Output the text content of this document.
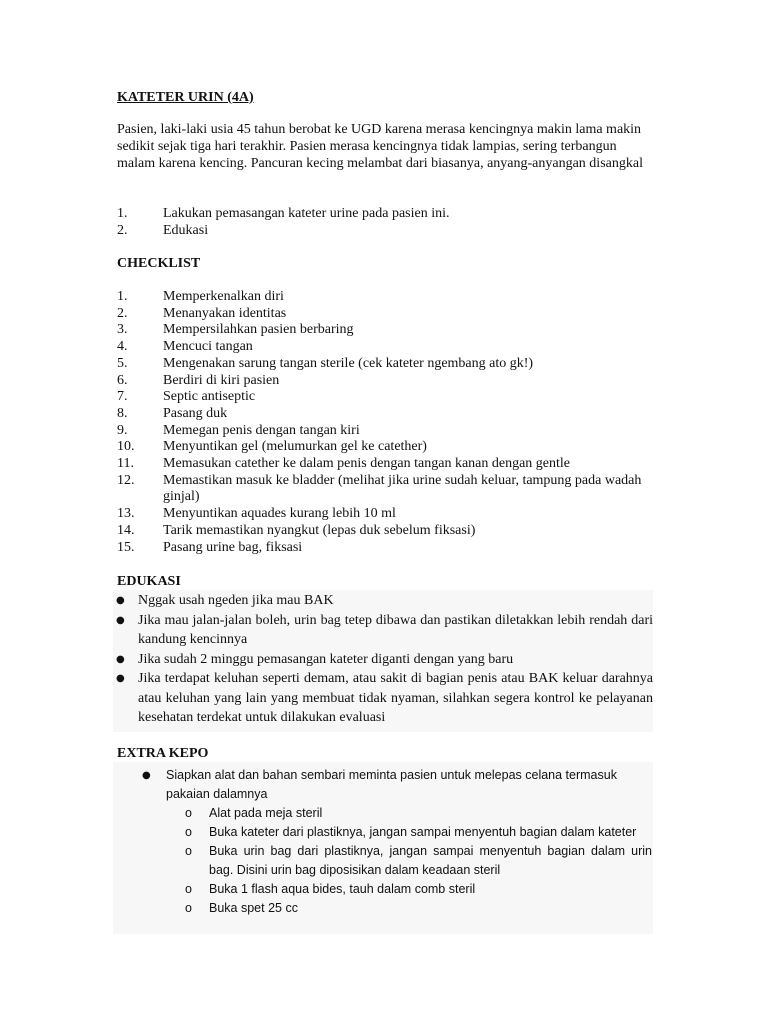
KATETER URIN (4A)

Pasien, laki-laki usia 45 tahun berobat ke UGD karena merasa kencingnya makin lama makin sedikit sejak tiga hari terakhir. Pasien merasa kencingnya tidak lampias, sering terbangun malam karena kencing. Pancuran kecing melambat dari biasanya, anyang-anyangan disangkal

1.	Lakukan pemasangan kateter urine pada pasien ini.
2.	Edukasi
CHECKLIST
1.	Memperkenalkan diri
2.	Menanyakan identitas
3.	Mempersilahkan pasien berbaring
4.	Mencuci tangan
5.	Mengenakan sarung tangan sterile (cek kateter ngembang ato gk!)
6.	Berdiri di kiri pasien
7.	Septic antiseptic
8.	Pasang duk
9.	Memegan penis dengan tangan kiri
10.	Menyuntikan gel (melumurkan gel ke catether)
11.	Memasukan catether ke dalam penis dengan tangan kanan dengan gentle
12.	Memastikan masuk ke bladder (melihat jika urine sudah keluar, tampung pada wadah ginjal)
13.	Menyuntikan aquades kurang lebih 10 ml
14.	Tarik memastikan nyangkut (lepas duk sebelum fiksasi)
15.	Pasang urine bag, fiksasi
EDUKASI
● Nggak usah ngeden jika mau BAK
● Jika mau jalan-jalan boleh, urin bag tetep dibawa dan pastikan diletakkan lebih rendah dari kandung kencinnya
● Jika sudah 2 minggu pemasangan kateter diganti dengan yang baru
● Jika terdapat keluhan seperti demam, atau sakit di bagian penis atau BAK keluar darahnya atau keluhan yang lain yang membuat tidak nyaman, silahkan segera kontrol ke pelayanan kesehatan terdekat untuk dilakukan evaluasi
EXTRA KEPO
●	Siapkan alat dan bahan sembari meminta pasien untuk melepas celana termasuk pakaian dalamnya
o	Alat pada meja steril
o	Buka kateter dari plastiknya, jangan sampai menyentuh bagian dalam kateter
o	Buka urin bag dari plastiknya, jangan sampai menyentuh bagian dalam urin bag. Disini urin bag diposisikan dalam keadaan steril
o	Buka 1 flash aqua bides, tauh dalam comb steril
o	Buka spet 25 cc
